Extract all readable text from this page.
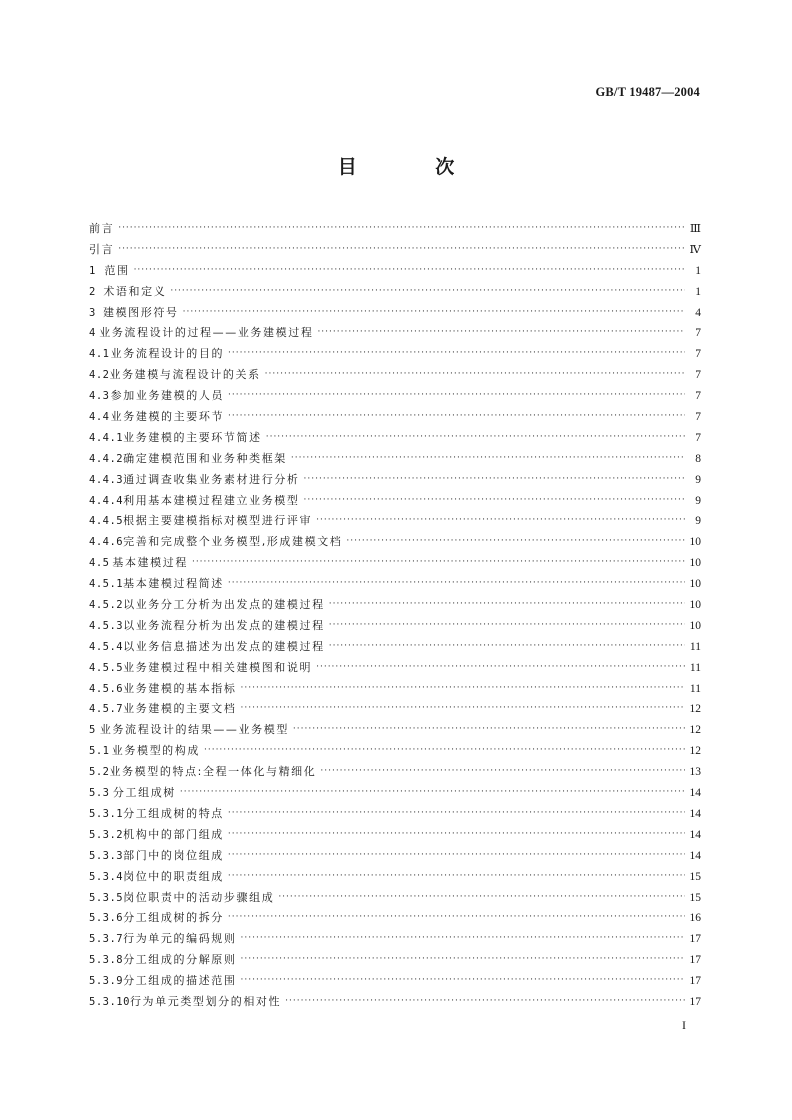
GB/T 19487—2004
目 次
前言 ·····	Ⅲ
引言 ·····	Ⅳ
1 范围 ·····	1
2 术语和定义 ·····	1
3 建模图形符号 ·····	4
4 业务流程设计的过程——业务建模过程 ·····	7
4.1 业务流程设计的目的 ·····	7
4.2 业务建模与流程设计的关系 ·····	7
4.3 参加业务建模的人员 ·····	7
4.4 业务建模的主要环节 ·····	7
4.4.1 业务建模的主要环节简述 ·····	7
4.4.2 确定建模范围和业务种类框架 ·····	8
4.4.3 通过调查收集业务素材进行分析 ·····	9
4.4.4 利用基本建模过程建立业务模型 ·····	9
4.4.5 根据主要建模指标对模型进行评审 ·····	9
4.4.6 完善和完成整个业务模型,形成建模文档 ·····	10
4.5 基本建模过程 ·····	10
4.5.1 基本建模过程简述 ·····	10
4.5.2 以业务分工分析为出发点的建模过程 ·····	10
4.5.3 以业务流程分析为出发点的建模过程 ·····	10
4.5.4 以业务信息描述为出发点的建模过程 ·····	11
4.5.5 业务建模过程中相关建模图和说明 ·····	11
4.5.6 业务建模的基本指标 ·····	11
4.5.7 业务建模的主要文档 ·····	12
5 业务流程设计的结果——业务模型 ·····	12
5.1 业务模型的构成 ·····	12
5.2 业务模型的特点:全程一体化与精细化 ·····	13
5.3 分工组成树 ·····	14
5.3.1 分工组成树的特点 ·····	14
5.3.2 机构中的部门组成 ·····	14
5.3.3 部门中的岗位组成 ·····	14
5.3.4 岗位中的职责组成 ·····	15
5.3.5 岗位职责中的活动步骤组成 ·····	15
5.3.6 分工组成树的拆分 ·····	16
5.3.7 行为单元的编码规则 ·····	17
5.3.8 分工组成的分解原则 ·····	17
5.3.9 分工组成的描述范围 ·····	17
5.3.10 行为单元类型划分的相对性 ·····	17
I
